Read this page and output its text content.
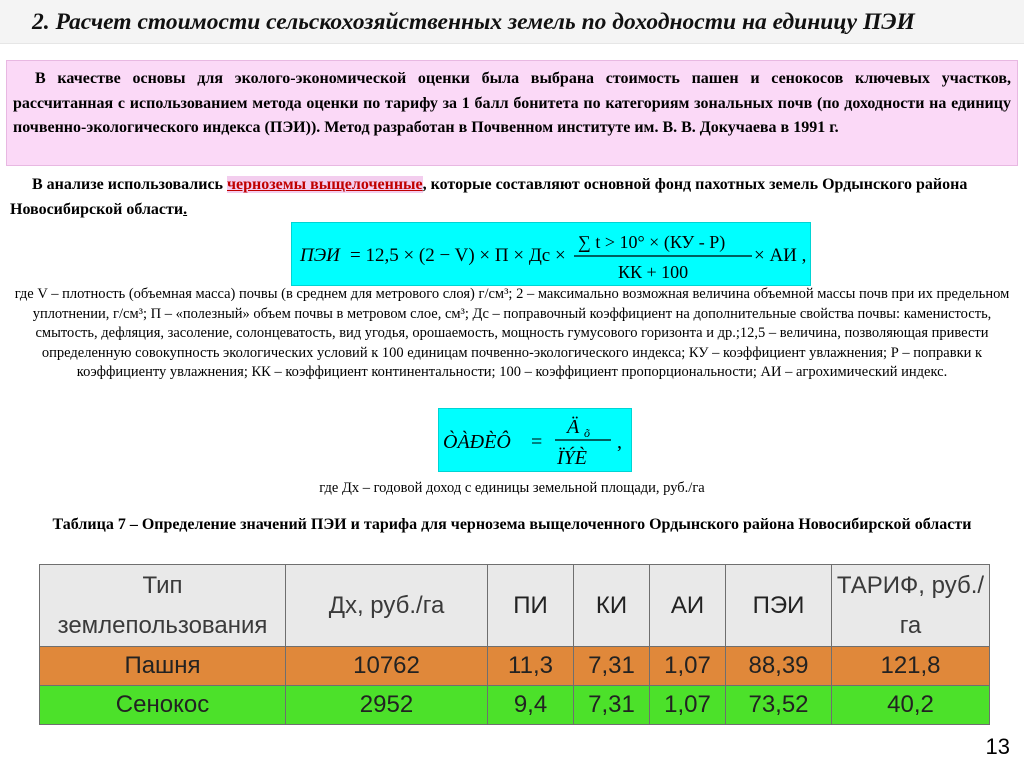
2. Расчет стоимости сельскохозяйственных земель по доходности на единицу ПЭИ
В качестве основы для эколого-экономической оценки была выбрана стоимость пашен и сенокосов ключевых участков, рассчитанная с использованием метода оценки по тарифу за 1 балл бонитета по категориям зональных почв (по доходности на единицу почвенно-экологического индекса (ПЭИ)). Метод разработан в Почвенном институте им. В. В. Докучаева в 1991 г.
В анализе использовались черноземы выщелоченные, которые составляют основной фонд пахотных земель Ордынского района Новосибирской области.
ПЭИ = 12,5 × (2 − V) × П × Дс ×
∑ t > 10° × (КУ - Р)
КК + 100
× АИ ,
где V – плотность (объемная масса) почвы (в среднем для метрового слоя) г/см³; 2 – максимально возможная величина объемной массы почв при их предельном уплотнении, г/см³; П – «полезный» объем почвы в метровом слое, см³; Дс – поправочный коэффициент на дополнительные свойства почвы: каменистость, смытость, дефляция, засоление, солонцеватость, вид угодья, орошаемость, мощность гумусового горизонта и др.;12,5 – величина, позволяющая привести определенную совокупность экологических условий к 100 единицам почвенно-экологического индекса; КУ – коэффициент увлажнения; Р – поправки к коэффициенту увлажнения; КК – коэффициент континентальности; 100 – коэффициент пропорциональности; АИ – агрохимический индекс.
ÒÀÐÈÔ =
Ä õ
ÏÝÈ
,
где Дх – годовой доход с единицы земельной площади, руб./га
Таблица 7 – Определение значений ПЭИ и тарифа для чернозема выщелоченного Ордынского района Новосибирской области
Тип землепользования	Дх, руб./га	ПИ	КИ	АИ	ПЭИ	ТАРИФ, руб./га
Пашня	10762	11,3	7,31	1,07	88,39	121,8
Сенокос	2952	9,4	7,31	1,07	73,52	40,2
13
